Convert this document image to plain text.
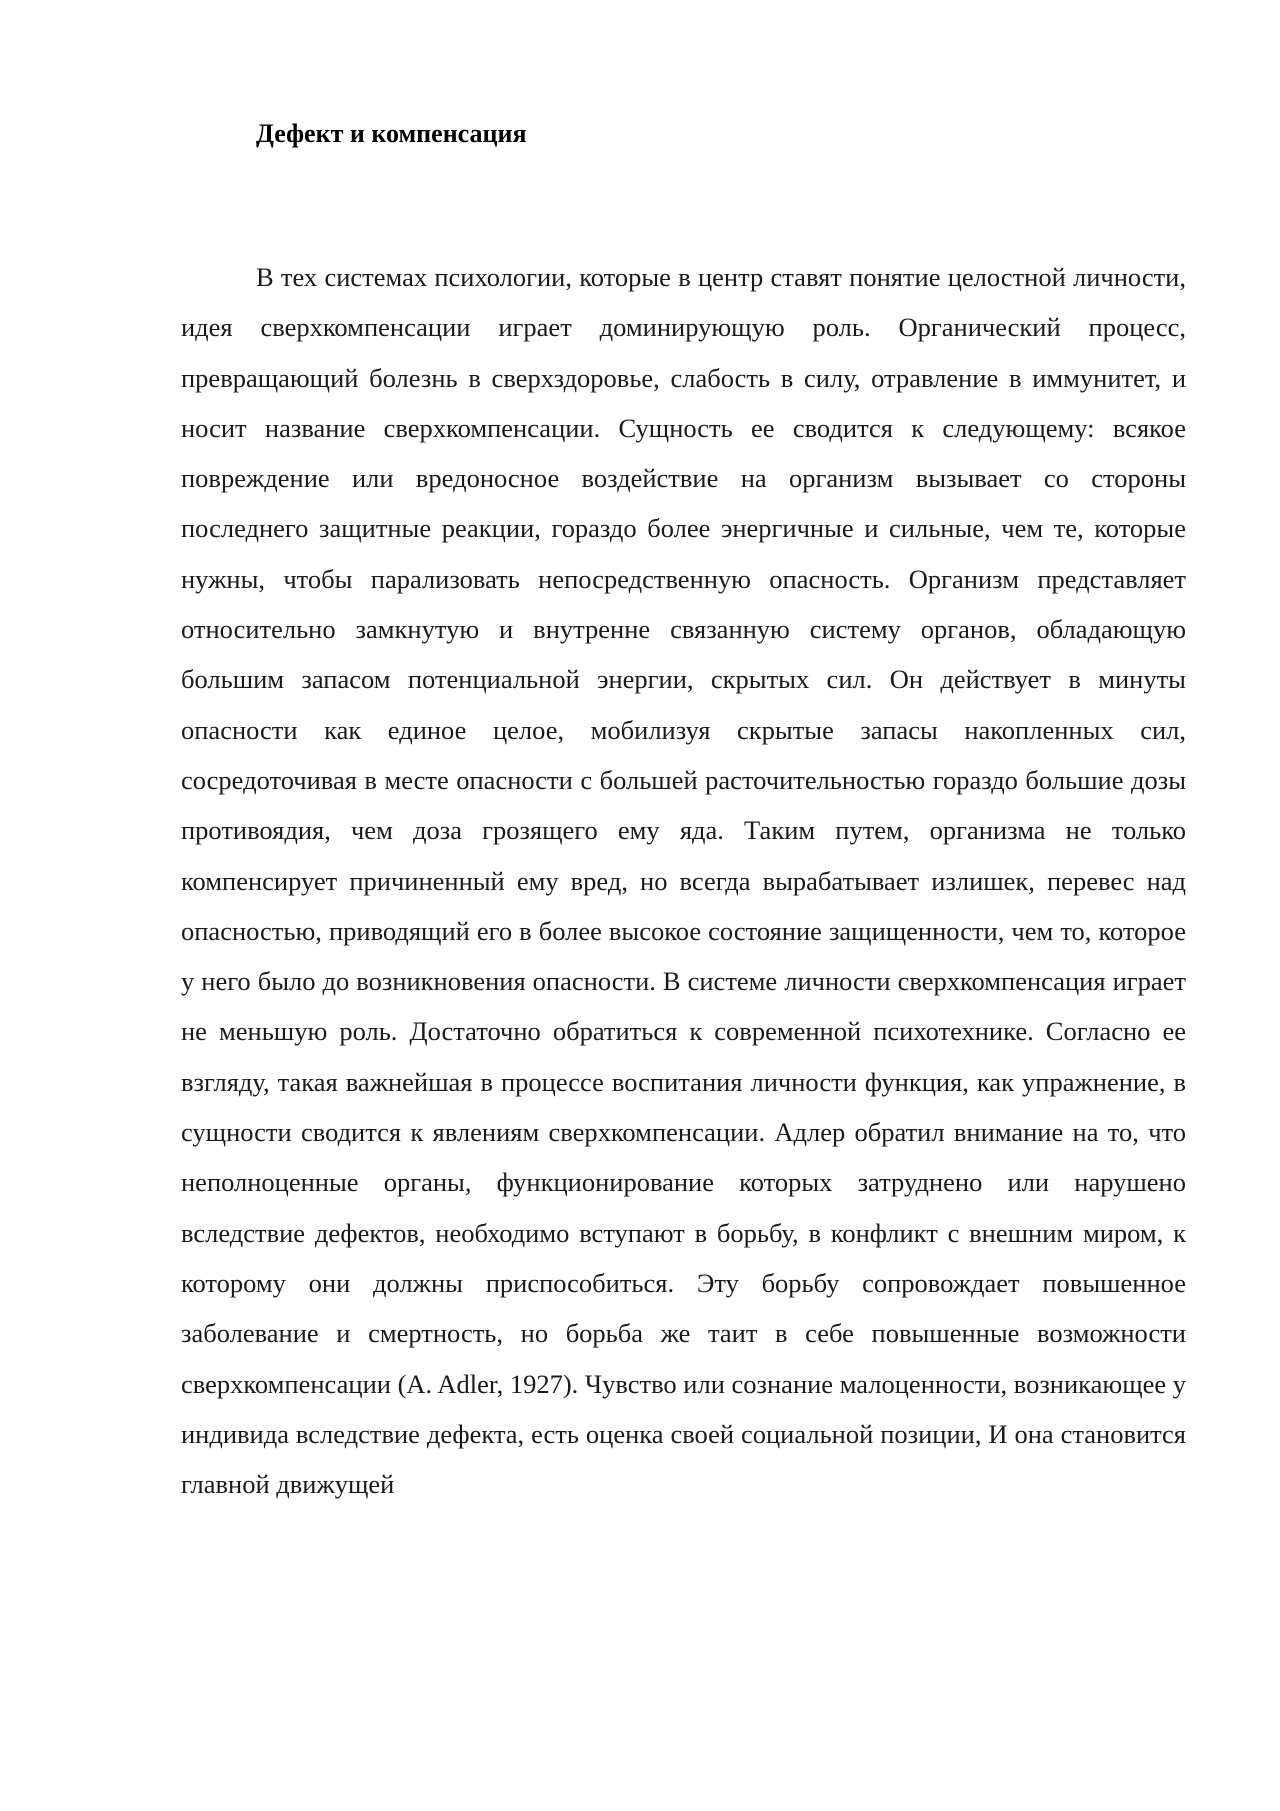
Дефект и компенсация

В тех системах психологии, которые в центр ставят понятие целостной личности, идея сверхкомпенсации играет доминирующую роль. Органический процесс, превращающий болезнь в сверхздоровье, слабость в силу, отравление в иммунитет, и носит название сверхкомпенсации. Сущность ее сводится к следующему: всякое повреждение или вредоносное воздействие на организм вызывает со стороны последнего защитные реакции, гораздо более энергичные и сильные, чем те, которые нужны, чтобы парализовать непосредственную опасность. Организм представляет относительно замкнутую и внутренне связанную систему органов, обладающую большим запасом потенциальной энергии, скрытых сил. Он действует в минуты опасности как единое целое, мобилизуя скрытые запасы накопленных сил, сосредоточивая в месте опасности с большей расточительностью гораздо большие дозы противоядия, чем доза грозящего ему яда. Таким путем, организма не только компенсирует причиненный ему вред, но всегда вырабатывает излишек, перевес над опасностью, приводящий его в более высокое состояние защищенности, чем то, которое у него было до возникновения опасности. В системе личности сверхкомпенсация играет не меньшую роль. Достаточно обратиться к современной психотехнике. Согласно ее взгляду, такая важнейшая в процессе воспитания личности функция, как упражнение, в сущности сводится к явлениям сверхкомпенсации. Адлер обратил внимание на то, что неполноценные органы, функционирование которых затруднено или нарушено вследствие дефектов, необходимо вступают в борьбу, в конфликт с внешним миром, к которому они должны приспособиться. Эту борьбу сопровождает повышенное заболевание и смертность, но борьба же таит в себе повышенные возможности сверхкомпенсации (A. Adler, 1927). Чувство или сознание малоценности, возникающее у индивида вследствие дефекта, есть оценка своей социальной позиции, И она становится главной движущей
